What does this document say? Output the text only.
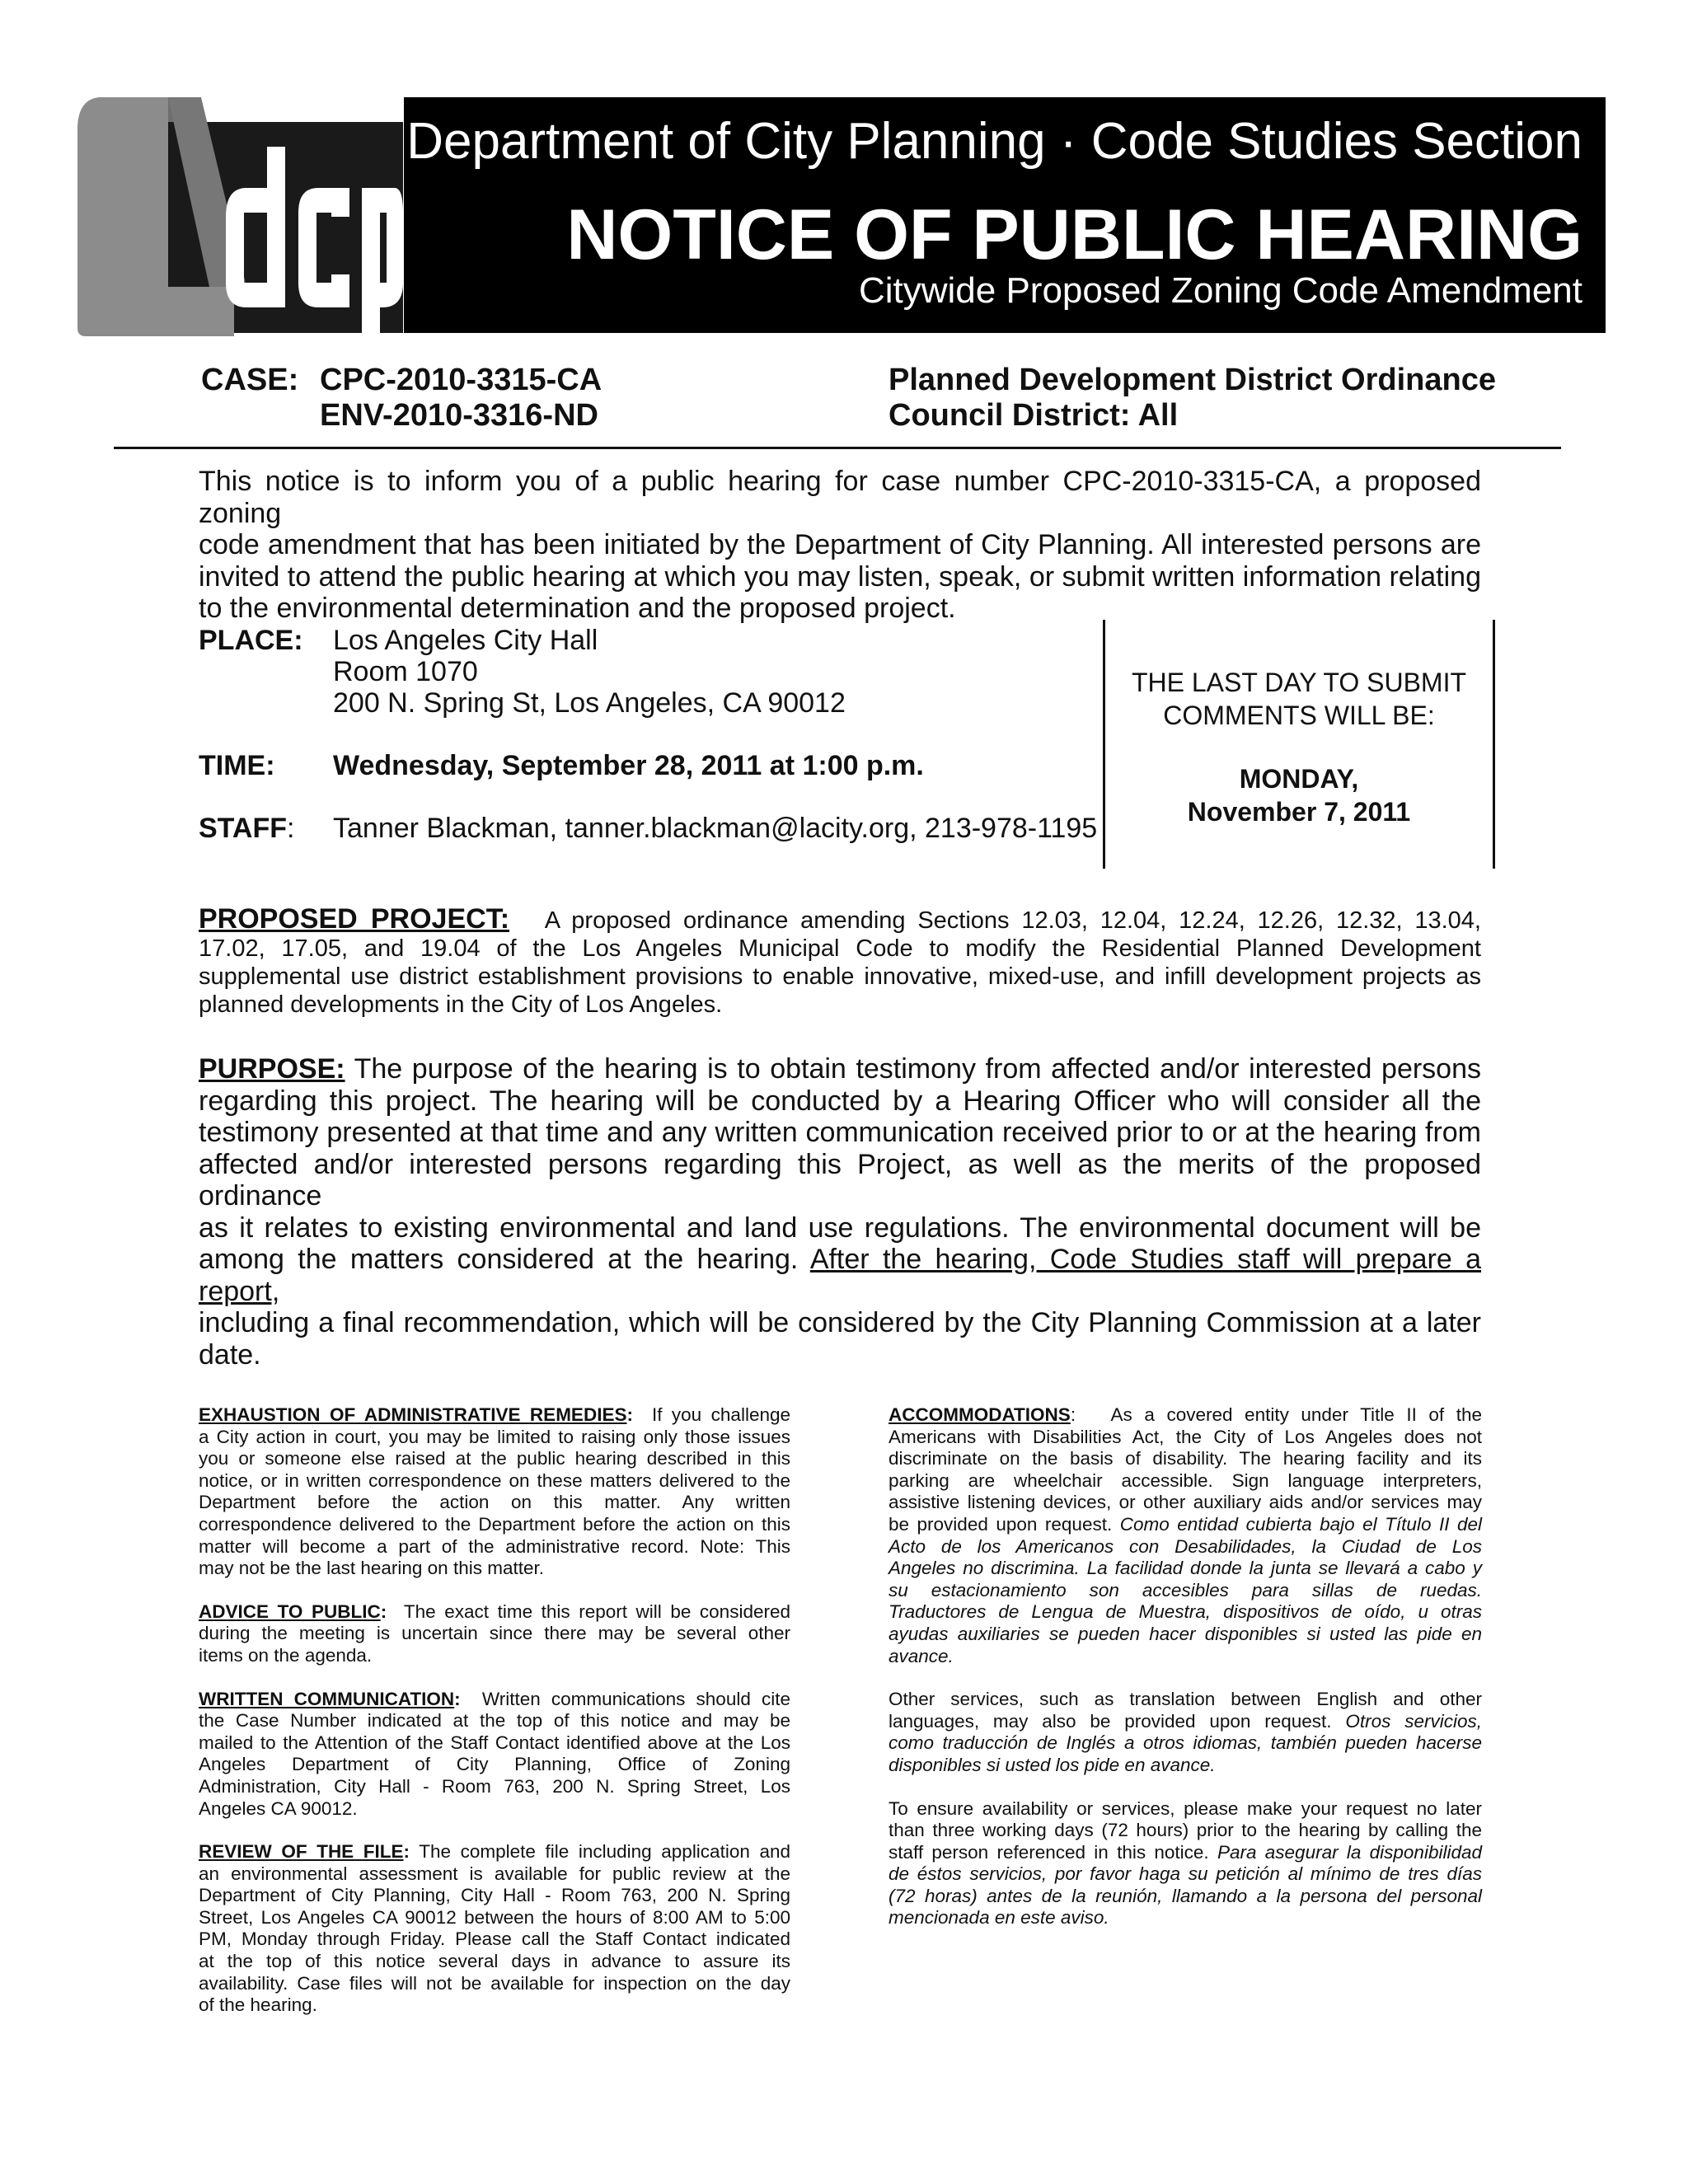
Department of City Planning · Code Studies Section
NOTICE OF PUBLIC HEARING
Citywide Proposed Zoning Code Amendment
CASE: CPC-2010-3315-CA
ENV-2010-3316-ND
Planned Development District Ordinance
Council District: All
This notice is to inform you of a public hearing for case number CPC-2010-3315-CA, a proposed zoning
code amendment that has been initiated by the Department of City Planning. All interested persons are
invited to attend the public hearing at which you may listen, speak, or submit written information relating
to the environmental determination and the proposed project.
PLACE: Los Angeles City Hall
Room 1070
200 N. Spring St, Los Angeles, CA 90012
TIME: Wednesday, September 28, 2011 at 1:00 p.m.
STAFF: Tanner Blackman, tanner.blackman@lacity.org, 213-978-1195
THE LAST DAY TO SUBMIT
COMMENTS WILL BE:
MONDAY,
November 7, 2011
PROPOSED PROJECT: A proposed ordinance amending Sections 12.03, 12.04, 12.24, 12.26, 12.32, 13.04,
17.02, 17.05, and 19.04 of the Los Angeles Municipal Code to modify the Residential Planned Development
supplemental use district establishment provisions to enable innovative, mixed-use, and infill development projects as
planned developments in the City of Los Angeles.
PURPOSE: The purpose of the hearing is to obtain testimony from affected and/or interested persons
regarding this project. The hearing will be conducted by a Hearing Officer who will consider all the
testimony presented at that time and any written communication received prior to or at the hearing from
affected and/or interested persons regarding this Project, as well as the merits of the proposed ordinance
as it relates to existing environmental and land use regulations. The environmental document will be
among the matters considered at the hearing. After the hearing, Code Studies staff will prepare a report,
including a final recommendation, which will be considered by the City Planning Commission at a later
date.
EXHAUSTION OF ADMINISTRATIVE REMEDIES: If you challenge
a City action in court, you may be limited to raising only those issues
you or someone else raised at the public hearing described in this
notice, or in written correspondence on these matters delivered to the
Department before the action on this matter. Any written
correspondence delivered to the Department before the action on this
matter will become a part of the administrative record. Note: This
may not be the last hearing on this matter.
ADVICE TO PUBLIC: The exact time this report will be considered
during the meeting is uncertain since there may be several other
items on the agenda.
WRITTEN COMMUNICATION: Written communications should cite
the Case Number indicated at the top of this notice and may be
mailed to the Attention of the Staff Contact identified above at the Los
Angeles Department of City Planning, Office of Zoning
Administration, City Hall - Room 763, 200 N. Spring Street, Los
Angeles CA 90012.
REVIEW OF THE FILE: The complete file including application and
an environmental assessment is available for public review at the
Department of City Planning, City Hall - Room 763, 200 N. Spring
Street, Los Angeles CA 90012 between the hours of 8:00 AM to 5:00
PM, Monday through Friday. Please call the Staff Contact indicated
at the top of this notice several days in advance to assure its
availability. Case files will not be available for inspection on the day
of the hearing.
ACCOMMODATIONS: As a covered entity under Title II of the
Americans with Disabilities Act, the City of Los Angeles does not
discriminate on the basis of disability. The hearing facility and its
parking are wheelchair accessible. Sign language interpreters,
assistive listening devices, or other auxiliary aids and/or services may
be provided upon request. Como entidad cubierta bajo el Título II del
Acto de los Americanos con Desabilidades, la Ciudad de Los
Angeles no discrimina. La facilidad donde la junta se llevará a cabo y
su estacionamiento son accesibles para sillas de ruedas.
Traductores de Lengua de Muestra, dispositivos de oído, u otras
ayudas auxiliaries se pueden hacer disponibles si usted las pide en
avance.
Other services, such as translation between English and other
languages, may also be provided upon request. Otros servicios,
como traducción de Inglés a otros idiomas, también pueden hacerse
disponibles si usted los pide en avance.
To ensure availability or services, please make your request no later
than three working days (72 hours) prior to the hearing by calling the
staff person referenced in this notice. Para asegurar la disponibilidad
de éstos servicios, por favor haga su petición al mínimo de tres días
(72 horas) antes de la reunión, llamando a la persona del personal
mencionada en este aviso.
